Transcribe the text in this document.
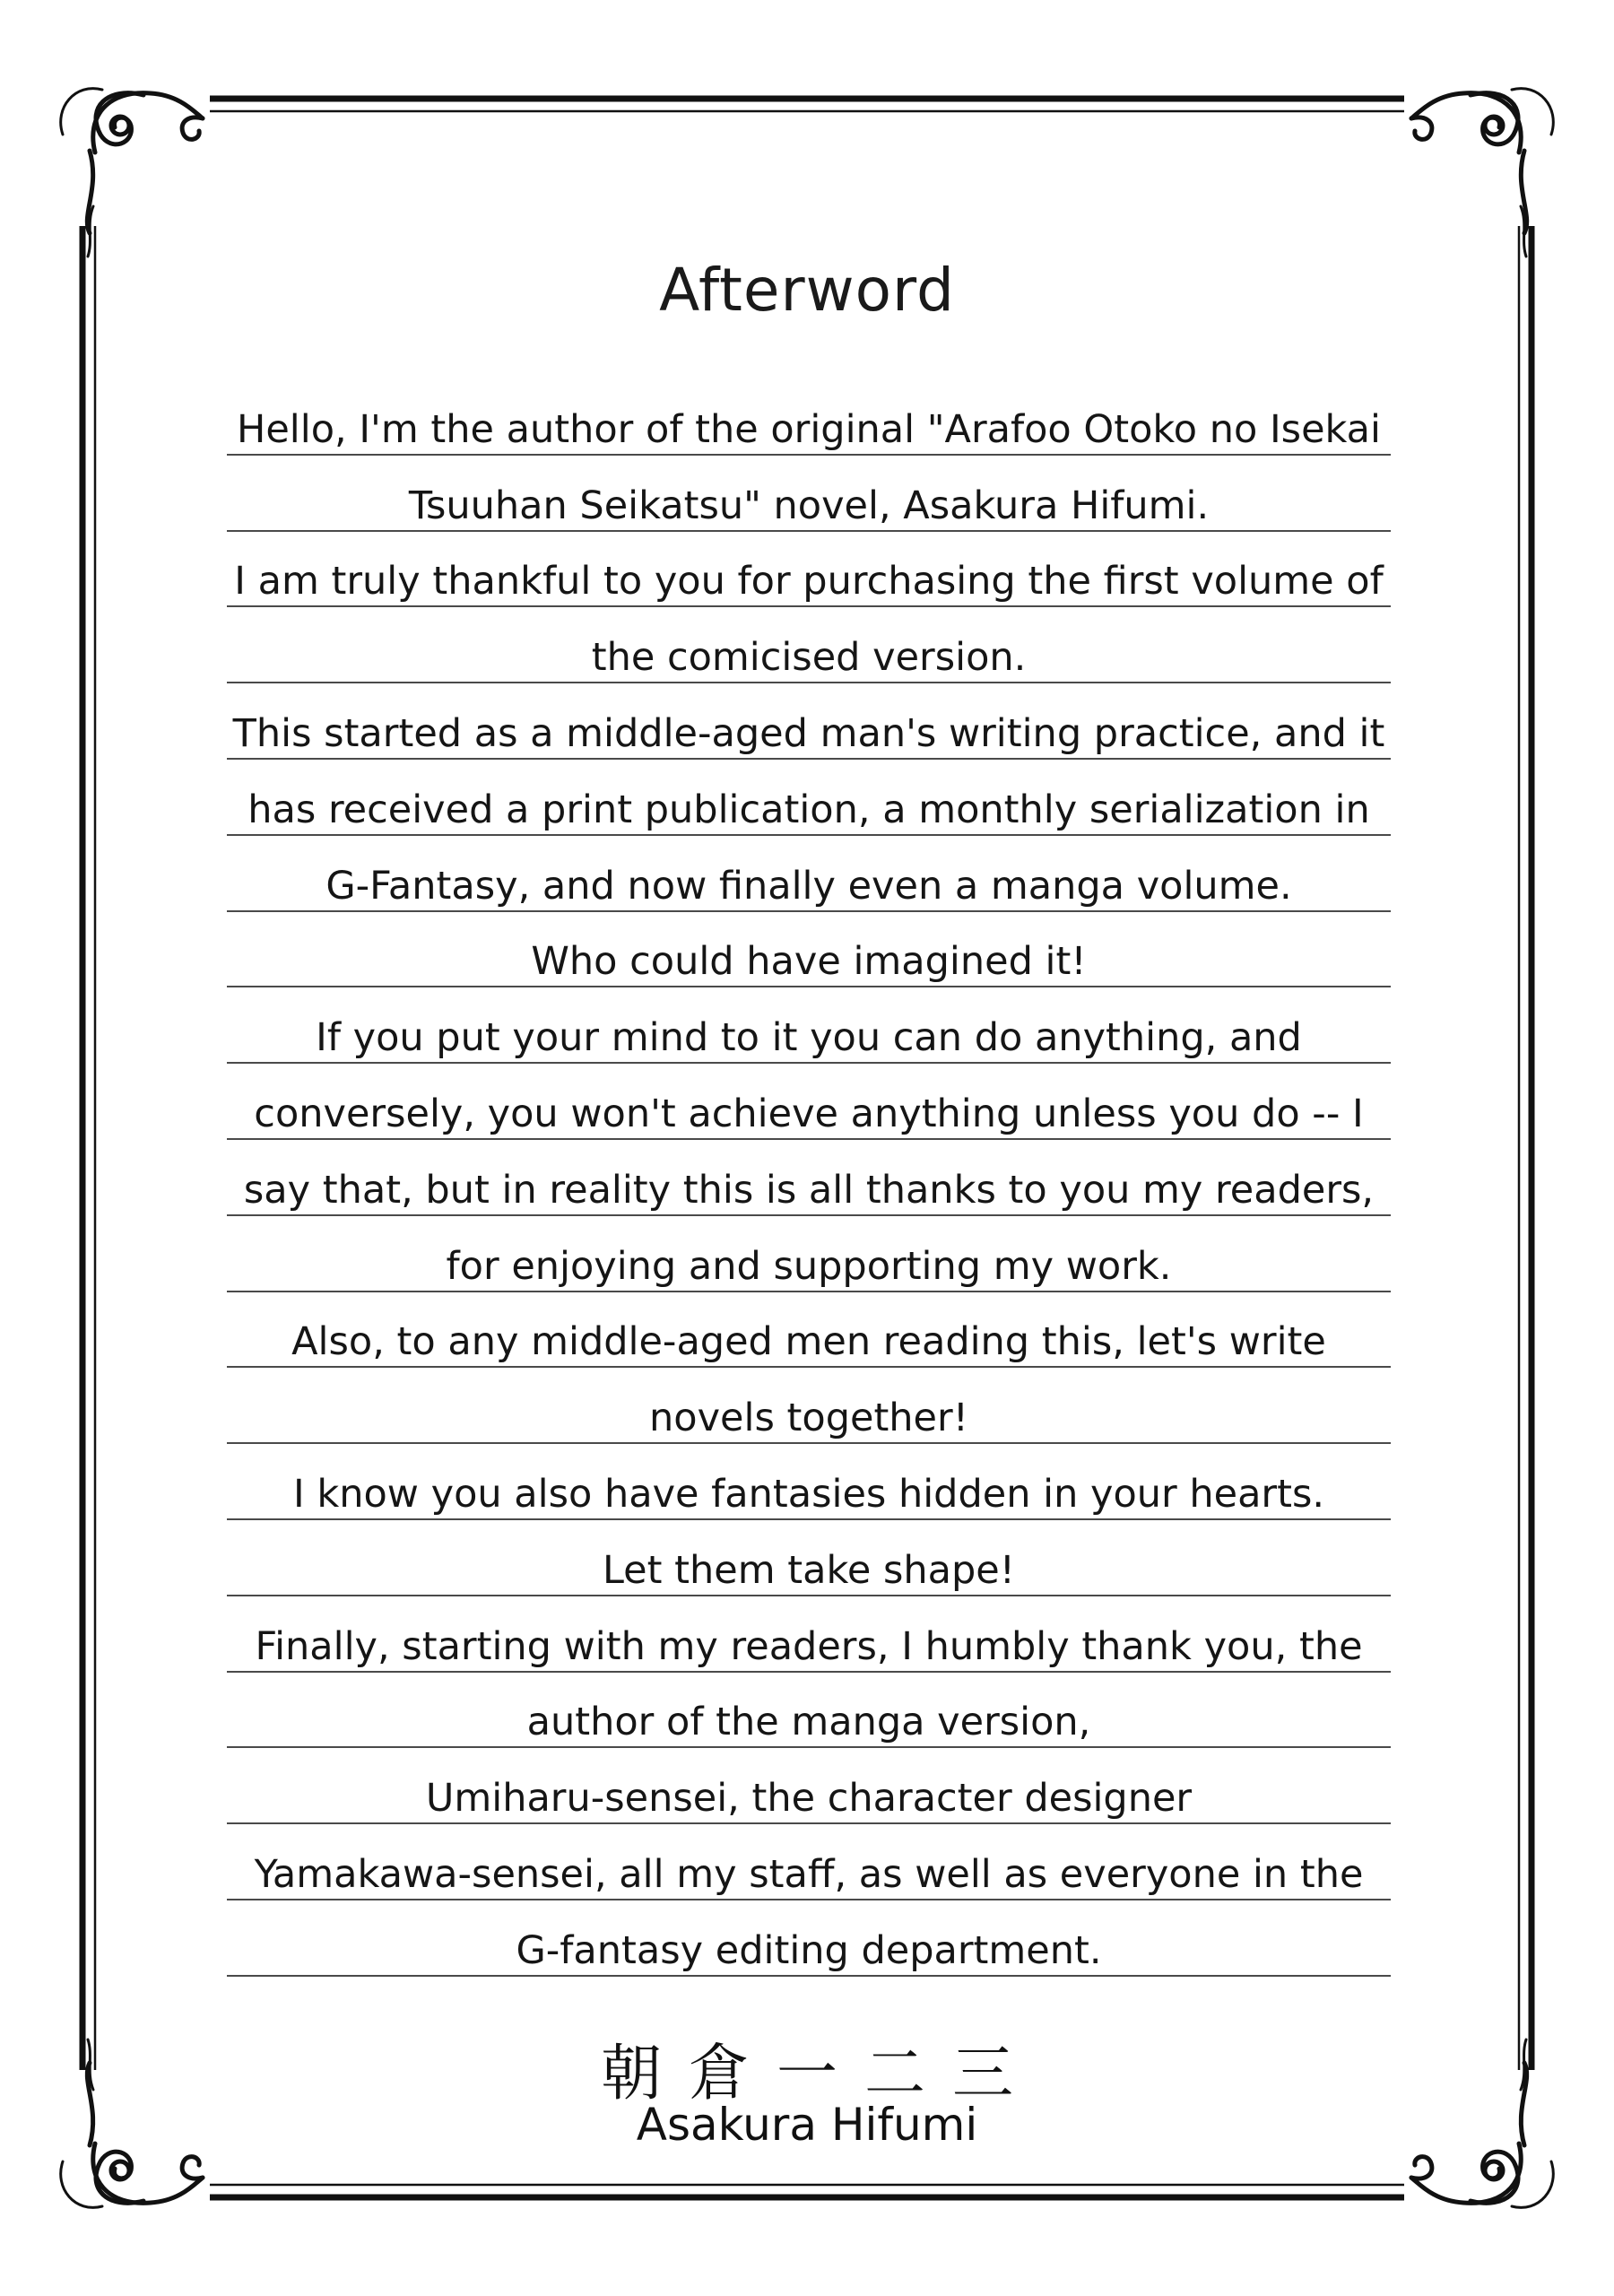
Afterword
Hello, I'm the author of the original "Arafoo Otoko no Isekai
Tsuuhan Seikatsu" novel, Asakura Hifumi.
I am truly thankful to you for purchasing the first volume of
the comicised version.
This started as a middle-aged man's writing practice, and it
has received a print publication, a monthly serialization in
G-Fantasy, and now finally even a manga volume.
Who could have imagined it!
If you put your mind to it you can do anything, and
conversely, you won't achieve anything unless you do -- I
say that, but in reality this is all thanks to you my readers,
for enjoying and supporting my work.
Also, to any middle-aged men reading this, let's write
novels together!
I know you also have fantasies hidden in your hearts.
Let them take shape!
Finally, starting with my readers, I humbly thank you, the
author of the manga version,
Umiharu-sensei, the character designer
Yamakawa-sensei, all my staff, as well as everyone in the
G-fantasy editing department.
朝倉一二三
Asakura Hifumi
